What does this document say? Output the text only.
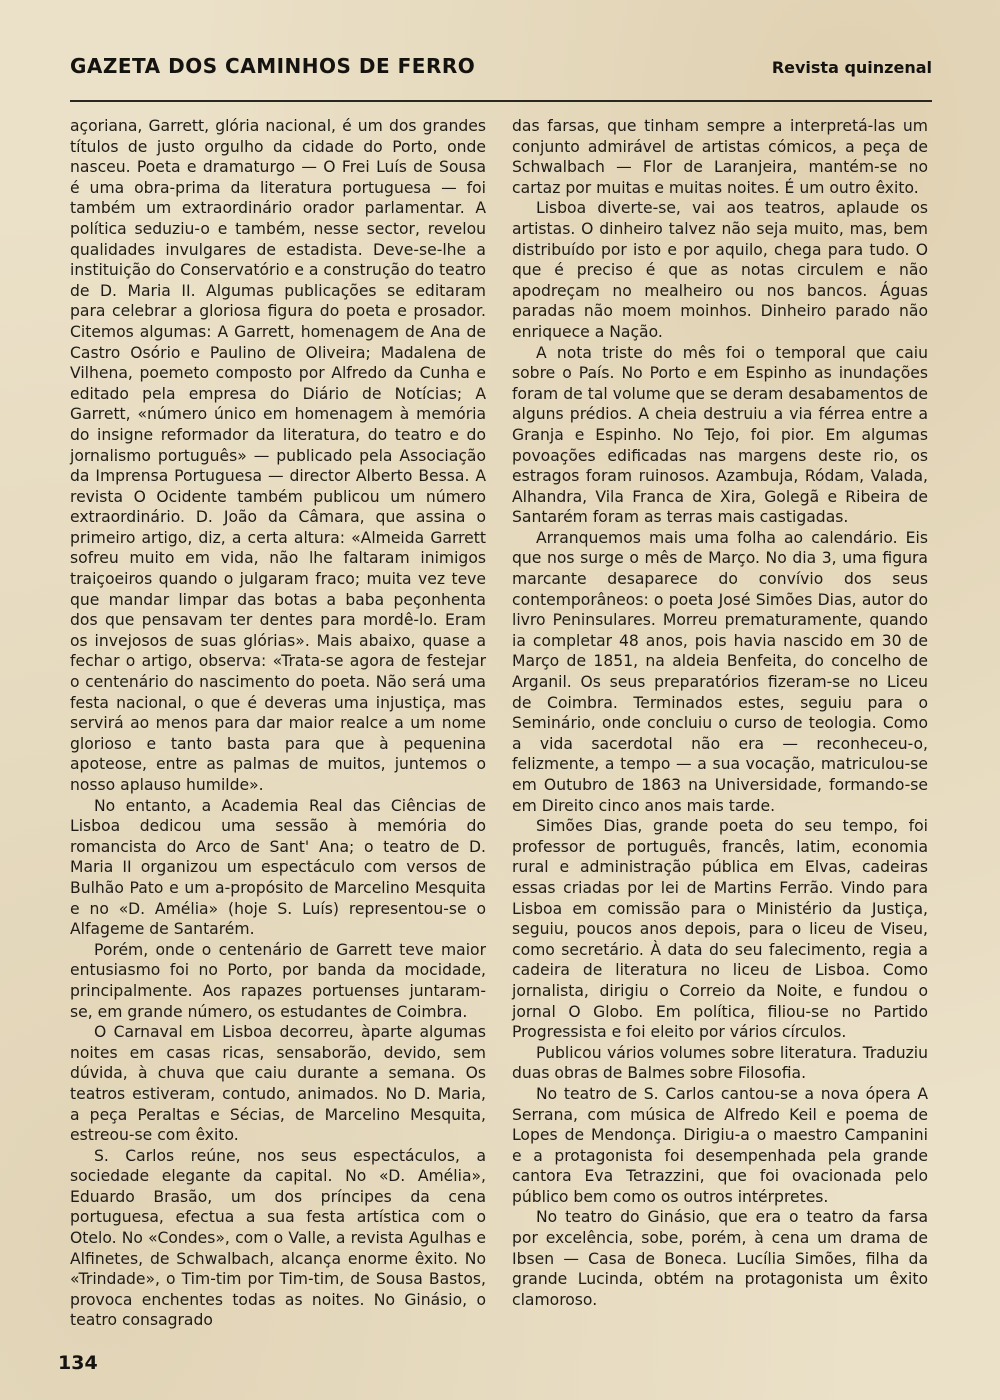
GAZETA DOS CAMINHOS DE FERRO	Revista quinzenal

açoriana, Garrett, glória nacional, é um dos grandes títulos de justo orgulho da cidade do Porto, onde nasceu. Poeta e dramaturgo — O Frei Luís de Sousa é uma obra-prima da literatura portuguesa — foi também um extraordinário orador parlamentar. A política seduziu-o e também, nesse sector, revelou qualidades invulgares de estadista. Deve-se-lhe a instituição do Conservatório e a construção do teatro de D. Maria II. Algumas publicações se editaram para celebrar a gloriosa figura do poeta e prosador. Citemos algumas: A Garrett, homenagem de Ana de Castro Osório e Paulino de Oliveira; Madalena de Vilhena, poemeto composto por Alfredo da Cunha e editado pela empresa do Diário de Notícias; A Garrett, «número único em homenagem à memória do insigne reformador da literatura, do teatro e do jornalismo português» — publicado pela Associação da Imprensa Portuguesa — director Alberto Bessa. A revista O Ocidente também publicou um número extraordinário. D. João da Câmara, que assina o primeiro artigo, diz, a certa altura: «Almeida Garrett sofreu muito em vida, não lhe faltaram inimigos traiçoeiros quando o julgaram fraco; muita vez teve que mandar limpar das botas a baba peçonhenta dos que pensavam ter dentes para mordê-lo. Eram os invejosos de suas glórias». Mais abaixo, quase a fechar o artigo, observa: «Trata-se agora de festejar o centenário do nascimento do poeta. Não será uma festa nacional, o que é deveras uma injustiça, mas servirá ao menos para dar maior realce a um nome glorioso e tanto basta para que à pequenina apoteose, entre as palmas de muitos, juntemos o nosso aplauso humilde».

No entanto, a Academia Real das Ciências de Lisboa dedicou uma sessão à memória do romancista do Arco de Sant' Ana; o teatro de D. Maria II organizou um espectáculo com versos de Bulhão Pato e um a-propósito de Marcelino Mesquita e no «D. Amélia» (hoje S. Luís) representou-se o Alfageme de Santarém.

Porém, onde o centenário de Garrett teve maior entusiasmo foi no Porto, por banda da mocidade, principalmente. Aos rapazes portuenses juntaram-se, em grande número, os estudantes de Coimbra.

O Carnaval em Lisboa decorreu, àparte algumas noites em casas ricas, sensaborão, devido, sem dúvida, à chuva que caiu durante a semana. Os teatros estiveram, contudo, animados. No D. Maria, a peça Peraltas e Sécias, de Marcelino Mesquita, estreou-se com êxito.

S. Carlos reúne, nos seus espectáculos, a sociedade elegante da capital. No «D. Amélia», Eduardo Brasão, um dos príncipes da cena portuguesa, efectua a sua festa artística com o Otelo. No «Condes», com o Valle, a revista Agulhas e Alfinetes, de Schwalbach, alcança enorme êxito. No «Trindade», o Tim-tim por Tim-tim, de Sousa Bastos, provoca enchentes todas as noites. No Ginásio, o teatro consagrado

das farsas, que tinham sempre a interpretá-las um conjunto admirável de artistas cómicos, a peça de Schwalbach — Flor de Laranjeira, mantém-se no cartaz por muitas e muitas noites. É um outro êxito.

Lisboa diverte-se, vai aos teatros, aplaude os artistas. O dinheiro talvez não seja muito, mas, bem distribuído por isto e por aquilo, chega para tudo. O que é preciso é que as notas circulem e não apodreçam no mealheiro ou nos bancos. Águas paradas não moem moinhos. Dinheiro parado não enriquece a Nação.

A nota triste do mês foi o temporal que caiu sobre o País. No Porto e em Espinho as inundações foram de tal volume que se deram desabamentos de alguns prédios. A cheia destruiu a via férrea entre a Granja e Espinho. No Tejo, foi pior. Em algumas povoações edificadas nas margens deste rio, os estragos foram ruinosos. Azambuja, Ródam, Valada, Alhandra, Vila Franca de Xira, Golegã e Ribeira de Santarém foram as terras mais castigadas.

Arranquemos mais uma folha ao calendário. Eis que nos surge o mês de Março. No dia 3, uma figura marcante desaparece do convívio dos seus contemporâneos: o poeta José Simões Dias, autor do livro Peninsulares. Morreu prematuramente, quando ia completar 48 anos, pois havia nascido em 30 de Março de 1851, na aldeia Benfeita, do concelho de Arganil. Os seus preparatórios fizeram-se no Liceu de Coimbra. Terminados estes, seguiu para o Seminário, onde concluiu o curso de teologia. Como a vida sacerdotal não era — reconheceu-o, felizmente, a tempo — a sua vocação, matriculou-se em Outubro de 1863 na Universidade, formando-se em Direito cinco anos mais tarde.

Simões Dias, grande poeta do seu tempo, foi professor de português, francês, latim, economia rural e administração pública em Elvas, cadeiras essas criadas por lei de Martins Ferrão. Vindo para Lisboa em comissão para o Ministério da Justiça, seguiu, poucos anos depois, para o liceu de Viseu, como secretário. À data do seu falecimento, regia a cadeira de literatura no liceu de Lisboa. Como jornalista, dirigiu o Correio da Noite, e fundou o jornal O Globo. Em política, filiou-se no Partido Progressista e foi eleito por vários círculos.

Publicou vários volumes sobre literatura. Traduziu duas obras de Balmes sobre Filosofia.

No teatro de S. Carlos cantou-se a nova ópera A Serrana, com música de Alfredo Keil e poema de Lopes de Mendonça. Dirigiu-a o maestro Campanini e a protagonista foi desempenhada pela grande cantora Eva Tetrazzini, que foi ovacionada pelo público bem como os outros intérpretes.

No teatro do Ginásio, que era o teatro da farsa por excelência, sobe, porém, à cena um drama de Ibsen — Casa de Boneca. Lucília Simões, filha da grande Lucinda, obtém na protagonista um êxito clamoroso.

134
